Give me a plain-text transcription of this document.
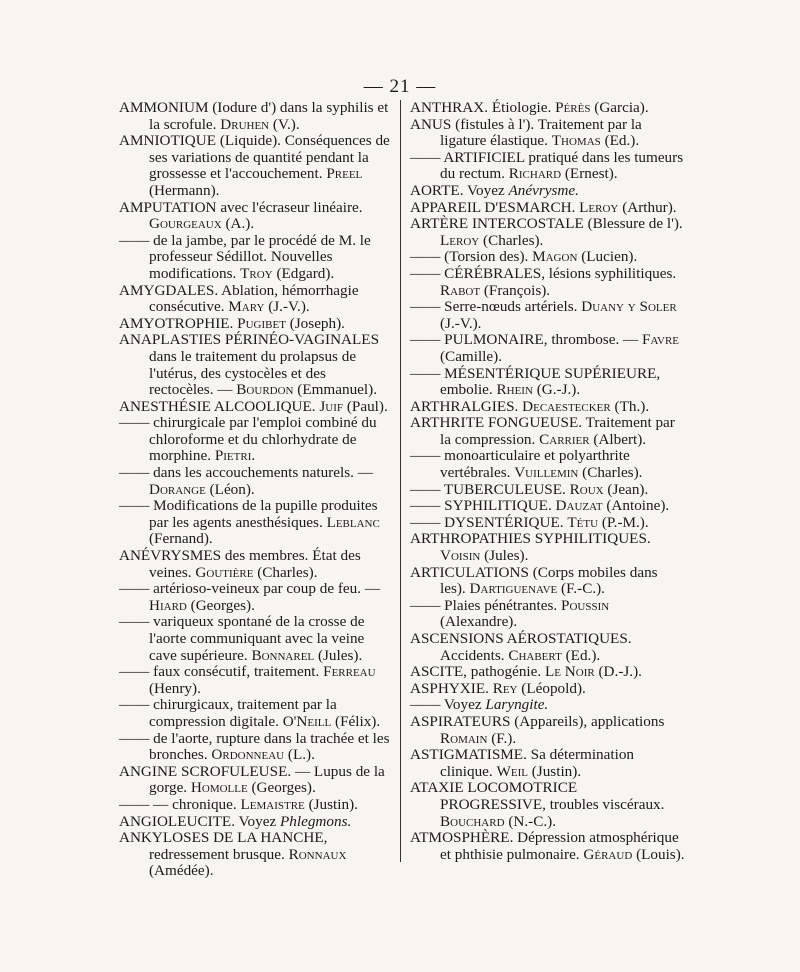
— 21 —

AMMONIUM (Iodure d') dans la syphilis et la scrofule. Druhen (V.).

AMNIOTIQUE (Liquide). Conséquences de ses variations de quantité pendant la grossesse et l'accouchement. Preel (Hermann).

AMPUTATION avec l'écraseur linéaire. Gourgeaux (A.).

—— de la jambe, par le procédé de M. le professeur Sédillot. Nouvelles modifications. Troy (Edgard).

AMYGDALES. Ablation, hémorrhagie consécutive. Mary (J.-V.).

AMYOTROPHIE. Pugibet (Joseph).

ANAPLASTIES PÉRINÉO-VAGINALES dans le traitement du prolapsus de l'utérus, des cystocèles et des rectocèles. — Bourdon (Emmanuel).

ANESTHÉSIE ALCOOLIQUE. Juif (Paul).

—— chirurgicale par l'emploi combiné du chloroforme et du chlorhydrate de morphine. Pietri.

—— dans les accouchements naturels. — Dorange (Léon).

—— Modifications de la pupille produites par les agents anesthésiques. Leblanc (Fernand).

ANÉVRYSMES des membres. État des veines. Goutière (Charles).

—— artérioso-veineux par coup de feu. — Hiard (Georges).

—— variqueux spontané de la crosse de l'aorte communiquant avec la veine cave supérieure. Bonnarel (Jules).

—— faux consécutif, traitement. Ferreau (Henry).

—— chirurgicaux, traitement par la compression digitale. O'Neill (Félix).

—— de l'aorte, rupture dans la trachée et les bronches. Ordonneau (L.).

ANGINE SCROFULEUSE. — Lupus de la gorge. Homolle (Georges).

—— — chronique. Lemaistre (Justin).

ANGIOLEUCITE. Voyez Phlegmons.

ANKYLOSES DE LA HANCHE, redressement brusque. Ronnaux (Amédée).

ANTHRAX. Étiologie. Pérès (Garcia).

ANUS (fistules à l'). Traitement par la ligature élastique. Thomas (Ed.).

—— ARTIFICIEL pratiqué dans les tumeurs du rectum. Richard (Ernest).

AORTE. Voyez Anévrysme.

APPAREIL D'ESMARCH. Leroy (Arthur).

ARTÈRE INTERCOSTALE (Blessure de l'). Leroy (Charles).

—— (Torsion des). Magon (Lucien).

—— CÉRÉBRALES, lésions syphilitiques. Rabot (François).

—— Serre-nœuds artériels. Duany y Soler (J.-V.).

—— PULMONAIRE, thrombose. — Favre (Camille).

—— MÉSENTÉRIQUE SUPÉRIEURE, embolie. Rhein (G.-J.).

ARTHRALGIES. Decaestecker (Th.).

ARTHRITE FONGUEUSE. Traitement par la compression. Carrier (Albert).

—— monoarticulaire et polyarthrite vertébrales. Vuillemin (Charles).

—— TUBERCULEUSE. Roux (Jean).

—— SYPHILITIQUE. Dauzat (Antoine).

—— DYSENTÉRIQUE. Tétu (P.-M.).

ARTHROPATHIES SYPHILITIQUES. Voisin (Jules).

ARTICULATIONS (Corps mobiles dans les). Dartiguenave (F.-C.).

—— Plaies pénétrantes. Poussin (Alexandre).

ASCENSIONS AÉROSTATIQUES. Accidents. Chabert (Ed.).

ASCITE, pathogénie. Le Noir (D.-J.).

ASPHYXIE. Rey (Léopold).

—— Voyez Laryngite.

ASPIRATEURS (Appareils), applications Romain (F.).

ASTIGMATISME. Sa détermination clinique. Weil (Justin).

ATAXIE LOCOMOTRICE PROGRESSIVE, troubles viscéraux. Bouchard (N.-C.).

ATMOSPHÈRE. Dépression atmosphérique et phthisie pulmonaire. Géraud (Louis).
